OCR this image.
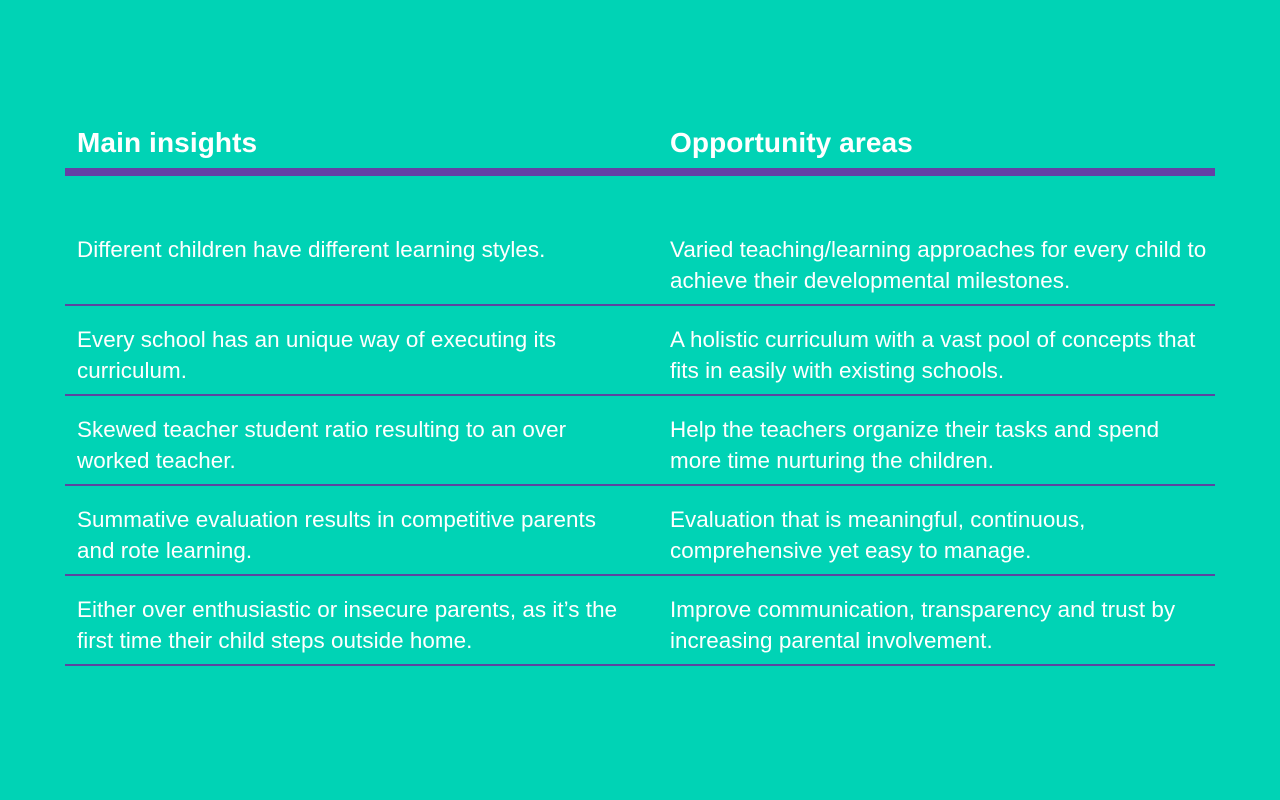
Main insights	Opportunity areas
Different children have different learning styles.	Varied teaching/learning approaches for every child to achieve their developmental milestones.
Every school has an unique way of executing its curriculum.
A holistic curriculum with a vast pool of concepts that fits in easily with existing schools.
Skewed teacher student ratio resulting to an over worked teacher.
Help the teachers organize their tasks and spend more time nurturing the children.
Summative evaluation results in competitive parents and rote learning.
Evaluation that is meaningful, continuous, comprehensive yet easy to manage.
Either over enthusiastic or insecure parents, as it’s the first time their child steps outside home.
Improve communication, transparency and trust by increasing parental involvement.
